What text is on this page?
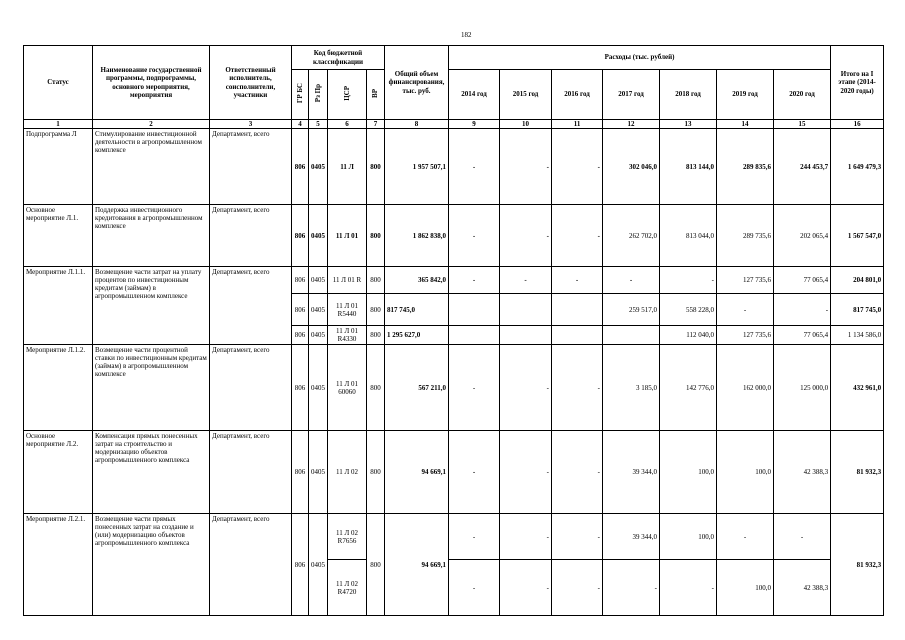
182
Статус	Наименование государственной программы, подпрограммы, основного мероприятия, мероприятия	Ответственный исполнитель, соисполнители, участники	Код бюджетной классификации				Общий объем финансирования, тыс. руб.	Расходы (тыс. рублей)							Итого на I этапе (2014-2020 годы)
			ГР БС	Рз Пр	ЦСР	ВР		2014 год	2015 год	2016 год	2017 год	2018 год	2019 год	2020 год	
1	2	3	4	5	6	7	8	9	10	11	12	13	14	15	16
Подпрограмма Л	Стимулирование инвестиционной деятельности в агропромышленном комплексе	Департамент, всего	806	0405	11 Л	800	1 957 507,1	-	-	-	302 046,0	813 144,0	289 835,6	244 453,7	1 649 479,3
Основное мероприятие Л.1.	Поддержка инвестиционного кредитования в агропромышленном комплексе	Департамент, всего	806	0405	11 Л 01	800	1 862 838,0	-	-	-	262 702,0	813 044,0	289 735,6	202 065,4	1 567 547,0
Мероприятие Л.1.1.	Возмещение части затрат на уплату процентов по инвестиционным кредитам (займам) в агропромышленном комплексе	Департамент, всего	806	0405	11 Л 01 R	800	365 842,0	-	-	-	-	-	127 735,6	77 065,4	204 801,0
			806	0405	11 Л 01 R5440	800	817 745,0				259 517,0	558 228,0	-	-	817 745,0
			806	0405	11 Л 01 R4330	800	1 295 627,0					112 040,0	127 735,6	77 065,4	1 134 586,0
Мероприятие Л.1.2.	Возмещение части процентной ставки по инвестиционным кредитам (займам) в агропромышленном комплексе	Департамент, всего	806	0405	11 Л 01 60060	800	567 211,0	-	-	-	3 185,0	142 776,0	162 000,0	125 000,0	432 961,0
Основное мероприятие Л.2.	Компенсация прямых понесенных затрат на строительство и модернизацию объектов агропромышленного комплекса	Департамент, всего	806	0405	11 Л 02	800	94 669,1	-	-	-	39 344,0	100,0	100,0	42 388,3	81 932,3
Мероприятие Л.2.1.	Возмещение части прямых понесенных затрат на создание и (или) модернизацию объектов агропромышленного комплекса	Департамент, всего	806	0405	11 Л 02 R7656	800	94 669,1	-	-	-	39 344,0	100,0	-	-	81 932,3
					11 Л 02 R4720			-	-	-	-	-	100,0	42 388,3	
